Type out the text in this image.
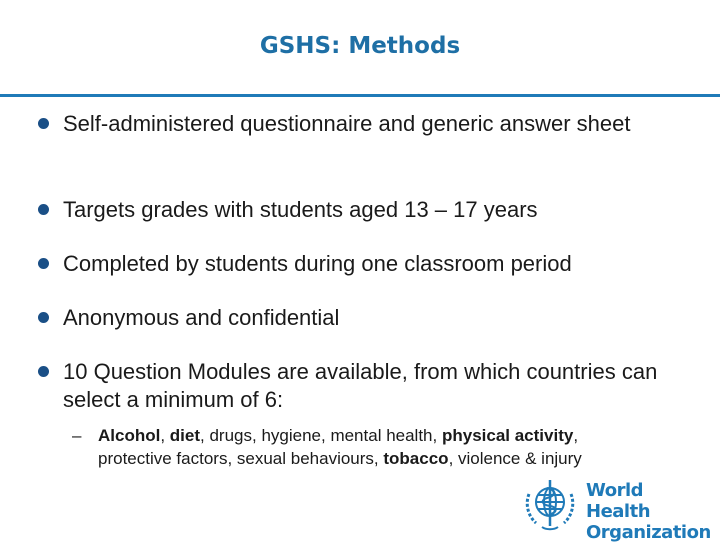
GSHS: Methods
Self-administered questionnaire and generic answer sheet
Targets grades with students aged 13 – 17 years
Completed by students during one classroom period
Anonymous and confidential
10 Question Modules are available, from which countries can select a minimum of 6:
– Alcohol, diet, drugs, hygiene, mental health, physical activity, protective factors, sexual behaviours, tobacco, violence & injury
World Health
Organization
